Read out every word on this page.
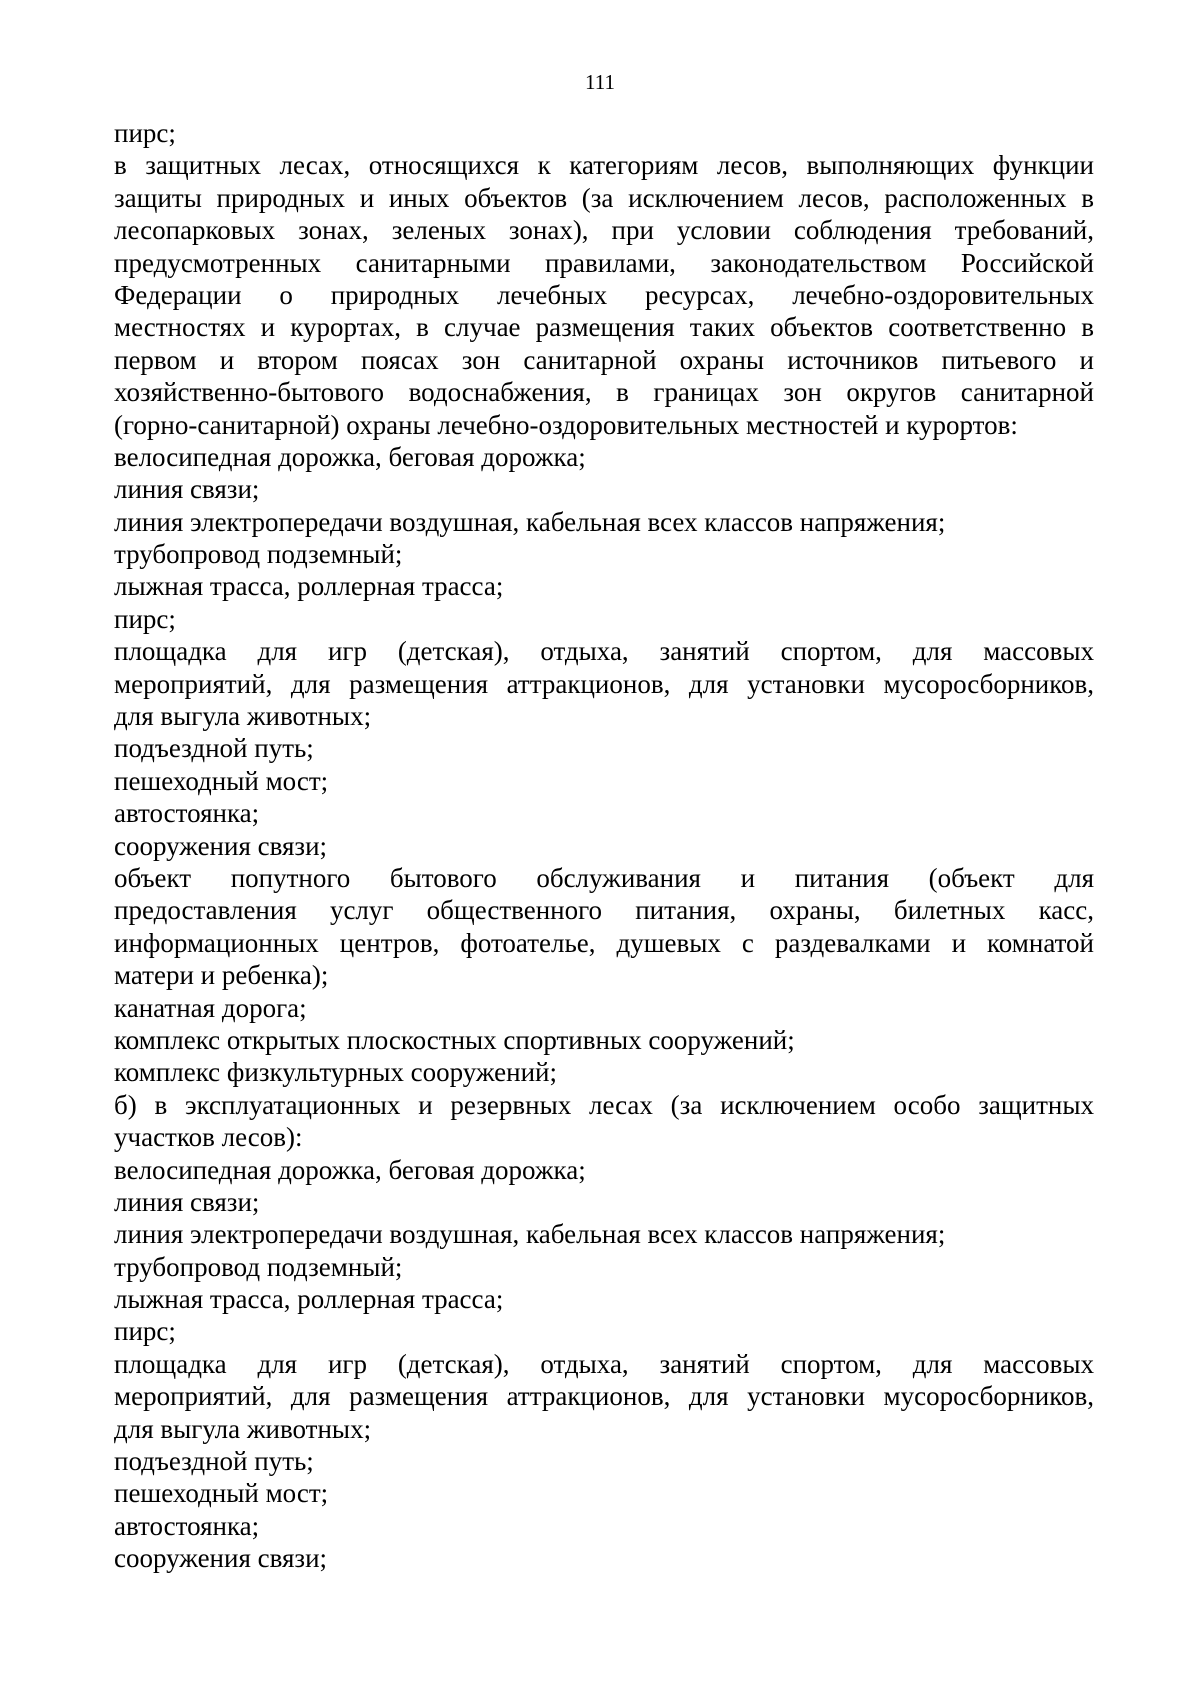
111

пирс;

в защитных лесах, относящихся к категориям лесов, выполняющих функции
защиты природных и иных объектов (за исключением лесов, расположенных в
лесопарковых зонах, зеленых зонах), при условии соблюдения требований,
предусмотренных санитарными правилами, законодательством Российской
Федерации о природных лечебных ресурсах, лечебно-оздоровительных
местностях и курортах, в случае размещения таких объектов соответственно в
первом и втором поясах зон санитарной охраны источников питьевого и
хозяйственно-бытового водоснабжения, в границах зон округов санитарной
(горно-санитарной) охраны лечебно-оздоровительных местностей и курортов:

велосипедная дорожка, беговая дорожка;

линия связи;

линия электропередачи воздушная, кабельная всех классов напряжения;

трубопровод подземный;

лыжная трасса, роллерная трасса;

пирс;

площадка для игр (детская), отдыха, занятий спортом, для массовых
мероприятий, для размещения аттракционов, для установки мусоросборников,
для выгула животных;

подъездной путь;

пешеходный мост;

автостоянка;

сооружения связи;

объект попутного бытового обслуживания и питания (объект для
предоставления услуг общественного питания, охраны, билетных касс,
информационных центров, фотоателье, душевых с раздевалками и комнатой
матери и ребенка);

канатная дорога;

комплекс открытых плоскостных спортивных сооружений;

комплекс физкультурных сооружений;

б) в эксплуатационных и резервных лесах (за исключением особо защитных
участков лесов):

велосипедная дорожка, беговая дорожка;

линия связи;

линия электропередачи воздушная, кабельная всех классов напряжения;

трубопровод подземный;

лыжная трасса, роллерная трасса;

пирс;

площадка для игр (детская), отдыха, занятий спортом, для массовых
мероприятий, для размещения аттракционов, для установки мусоросборников,
для выгула животных;

подъездной путь;

пешеходный мост;

автостоянка;

сооружения связи;
